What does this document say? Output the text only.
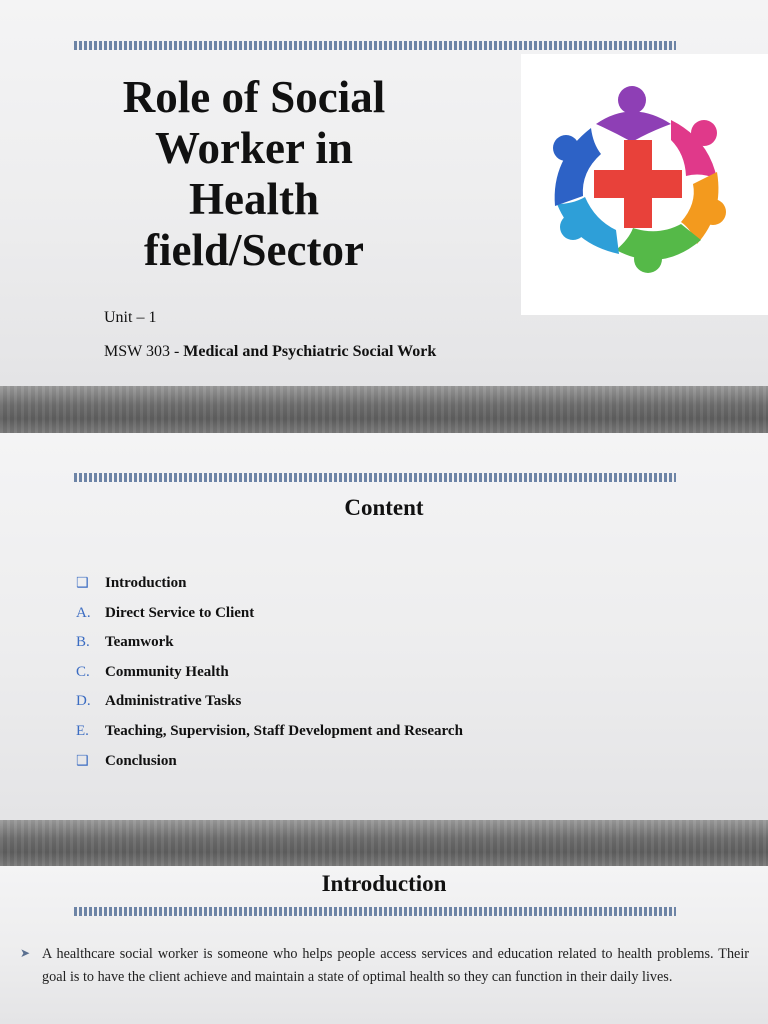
Role of Social
Worker in
Health
field/Sector
Unit – 1
MSW 303 - Medical and Psychiatric Social Work
Content
❑	Introduction
A. Direct Service to Client
B.	Teamwork
C.	Community Health
D. Administrative Tasks
E.	Teaching, Supervision, Staff Development and Research
❑	Conclusion
Introduction
➤ A healthcare social worker is someone who helps people access services and education related to health problems. Their goal is to have the client achieve and maintain a state of optimal health so they can function in their daily lives.
